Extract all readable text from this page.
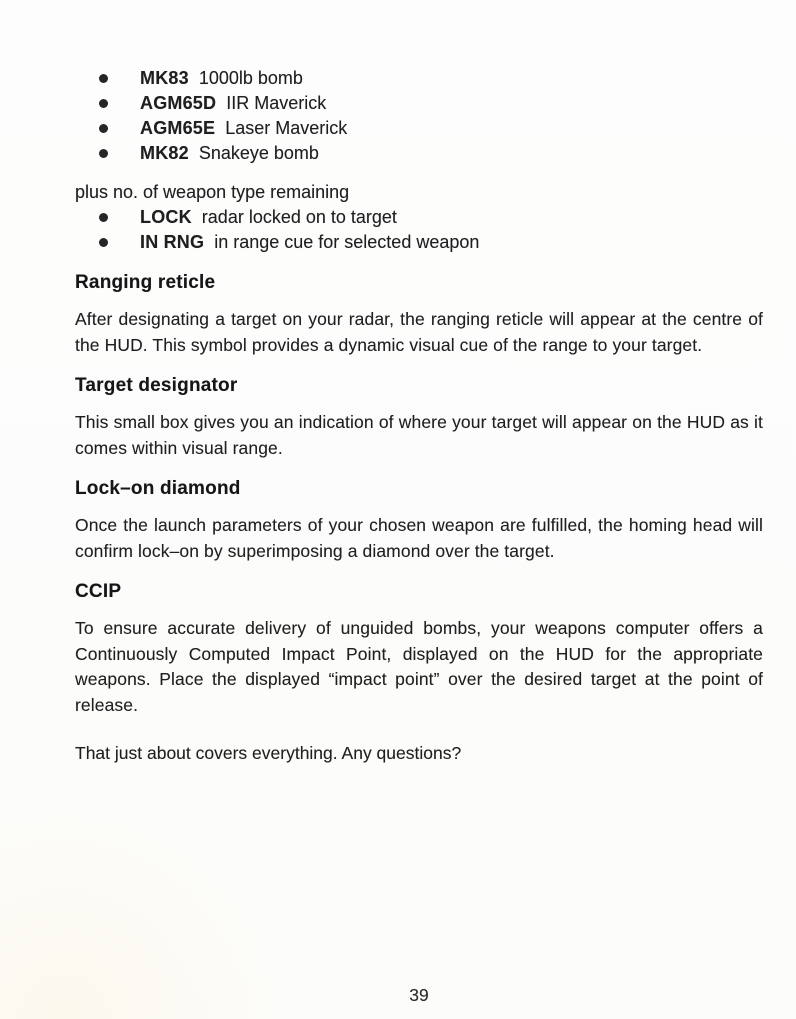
MK83 1000lb bomb
AGM65D IIR Maverick
AGM65E Laser Maverick
MK82 Snakeye bomb
plus no. of weapon type remaining
LOCK radar locked on to target
IN RNG in range cue for selected weapon
Ranging reticle

After designating a target on your radar, the ranging reticle will appear at the centre of the HUD. This symbol provides a dynamic visual cue of the range to your target.

Target designator

This small box gives you an indication of where your target will appear on the HUD as it comes within visual range.

Lock–on diamond

Once the launch parameters of your chosen weapon are fulfilled, the homing head will confirm lock–on by superimposing a diamond over the target.

CCIP

To ensure accurate delivery of unguided bombs, your weapons computer offers a Continuously Computed Impact Point, displayed on the HUD for the appropriate weapons. Place the displayed “impact point” over the desired target at the point of release.

That just about covers everything. Any questions?

39
